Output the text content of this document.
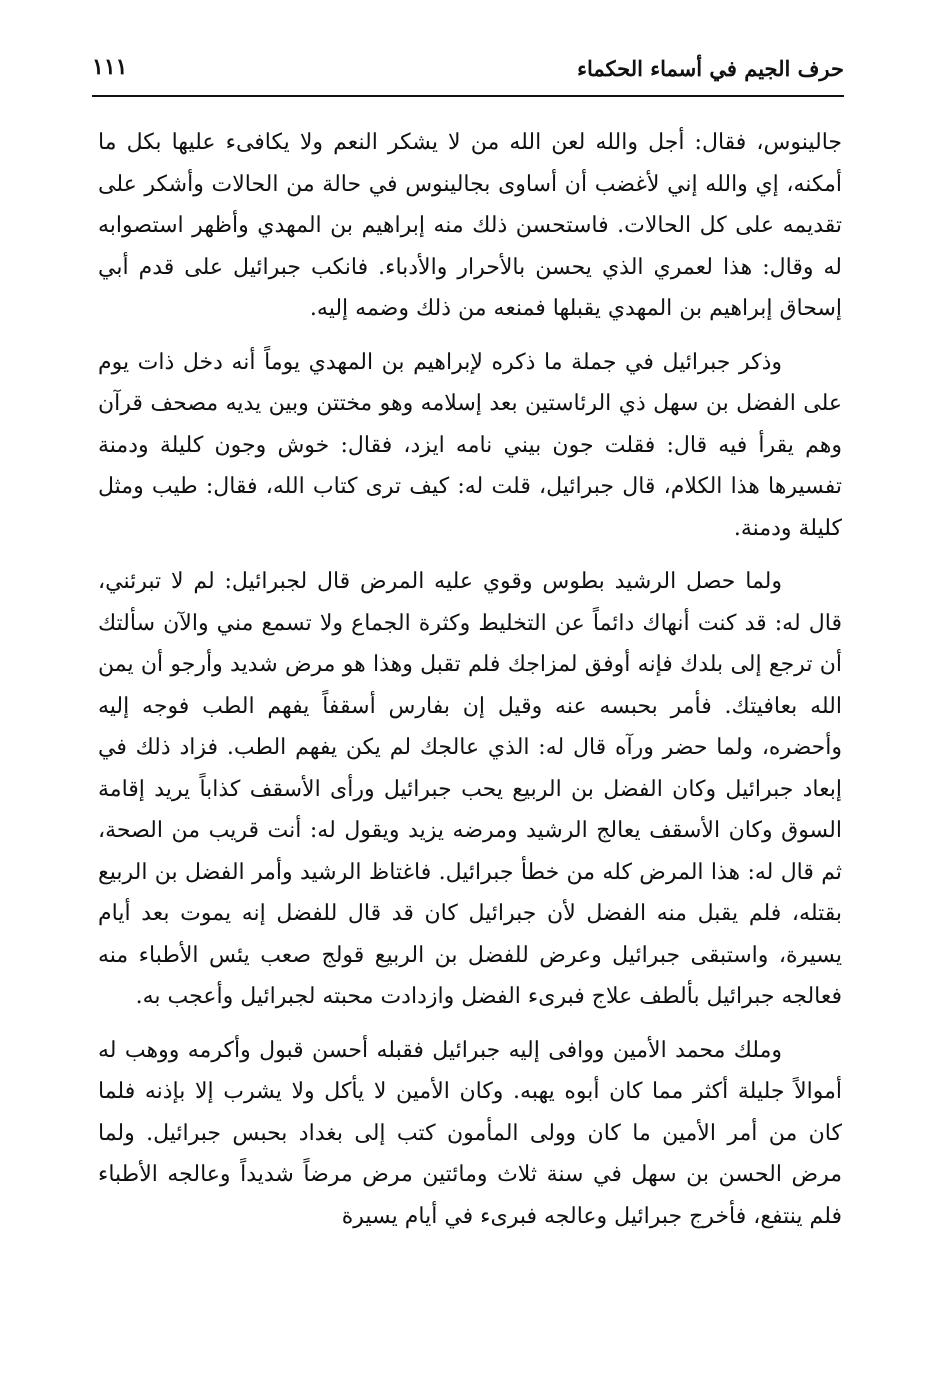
حرف الجيم في أسماء الحكماء
١١١

جالينوس، فقال: أجل والله لعن الله من لا يشكر النعم ولا يكافىء عليها بكل ما أمكنه، إي والله إني لأغضب أن أساوى بجالينوس في حالة من الحالات وأشكر على تقديمه على كل الحالات. فاستحسن ذلك منه إبراهيم بن المهدي وأظهر استصوابه له وقال: هذا لعمري الذي يحسن بالأحرار والأدباء. فانكب جبرائيل على قدم أبي إسحاق إبراهيم بن المهدي يقبلها فمنعه من ذلك وضمه إليه.

وذكر جبرائيل في جملة ما ذكره لإبراهيم بن المهدي يوماً أنه دخل ذات يوم على الفضل بن سهل ذي الرئاستين بعد إسلامه وهو مختتن وبين يديه مصحف قرآن وهم يقرأ فيه قال: فقلت جون بيني نامه ايزد، فقال: خوش وجون كليلة ودمنة تفسيرها هذا الكلام، قال جبرائيل، قلت له: كيف ترى كتاب الله، فقال: طيب ومثل كليلة ودمنة.

ولما حصل الرشيد بطوس وقوي عليه المرض قال لجبرائيل: لم لا تبرئني، قال له: قد كنت أنهاك دائماً عن التخليط وكثرة الجماع ولا تسمع مني والآن سألتك أن ترجع إلى بلدك فإنه أوفق لمزاجك فلم تقبل وهذا هو مرض شديد وأرجو أن يمن الله بعافيتك. فأمر بحبسه عنه وقيل إن بفارس أسقفاً يفهم الطب فوجه إليه وأحضره، ولما حضر ورآه قال له: الذي عالجك لم يكن يفهم الطب. فزاد ذلك في إبعاد جبرائيل وكان الفضل بن الربيع يحب جبرائيل ورأى الأسقف كذاباً يريد إقامة السوق وكان الأسقف يعالج الرشيد ومرضه يزيد ويقول له: أنت قريب من الصحة، ثم قال له: هذا المرض كله من خطأ جبرائيل. فاغتاظ الرشيد وأمر الفضل بن الربيع بقتله، فلم يقبل منه الفضل لأن جبرائيل كان قد قال للفضل إنه يموت بعد أيام يسيرة، واستبقى جبرائيل وعرض للفضل بن الربيع قولج صعب يئس الأطباء منه فعالجه جبرائيل بألطف علاج فبرىء الفضل وازدادت محبته لجبرائيل وأعجب به.

وملك محمد الأمين ووافى إليه جبرائيل فقبله أحسن قبول وأكرمه ووهب له أموالاً جليلة أكثر مما كان أبوه يهبه. وكان الأمين لا يأكل ولا يشرب إلا بإذنه فلما كان من أمر الأمين ما كان وولى المأمون كتب إلى بغداد بحبس جبرائيل. ولما مرض الحسن بن سهل في سنة ثلاث ومائتين مرض مرضاً شديداً وعالجه الأطباء فلم ينتفع، فأخرج جبرائيل وعالجه فبرىء في أيام يسيرة
